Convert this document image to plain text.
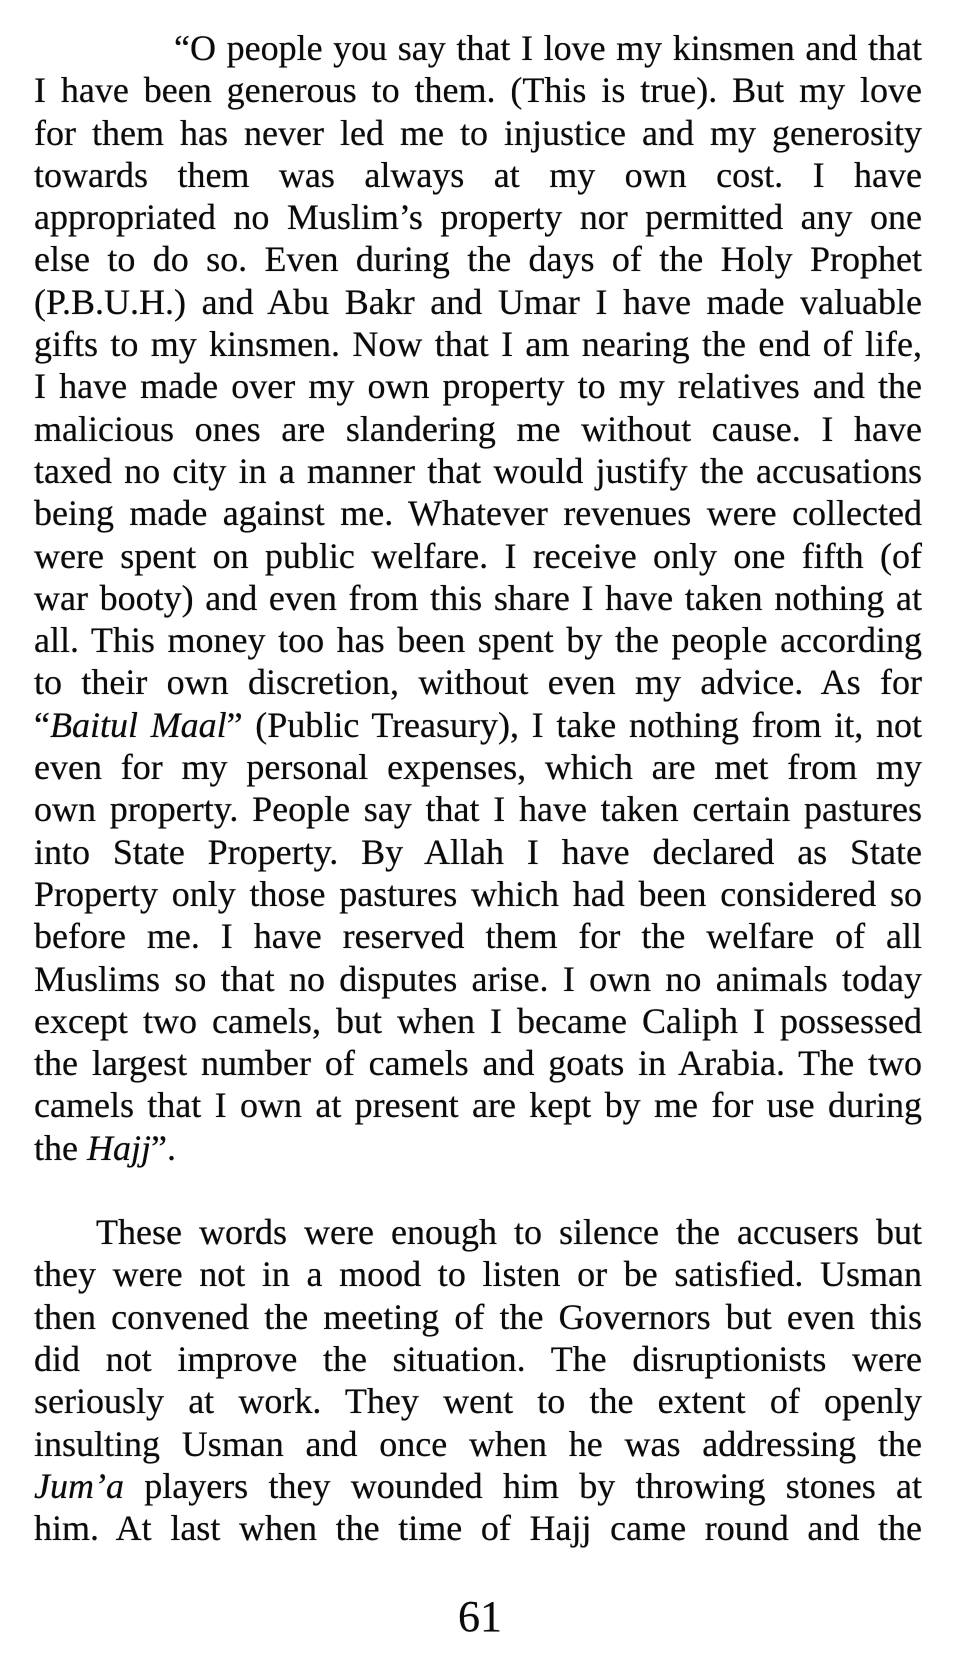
“O people you say that I love my kinsmen and that
I have been generous to them. (This is true). But my love
for them has never led me to injustice and my generosity
towards them was always at my own cost. I have
appropriated no Muslim’s property nor permitted any one
else to do so. Even during the days of the Holy Prophet
(P.B.U.H.) and Abu Bakr and Umar I have made valuable
gifts to my kinsmen. Now that I am nearing the end of life,
I have made over my own property to my relatives and the
malicious ones are slandering me without cause. I have
taxed no city in a manner that would justify the accusations
being made against me. Whatever revenues were collected
were spent on public welfare. I receive only one fifth (of
war booty) and even from this share I have taken nothing at
all. This money too has been spent by the people according
to their own discretion, without even my advice. As for
“Baitul Maal” (Public Treasury), I take nothing from it, not
even for my personal expenses, which are met from my
own property. People say that I have taken certain pastures
into State Property. By Allah I have declared as State
Property only those pastures which had been considered so
before me. I have reserved them for the welfare of all
Muslims so that no disputes arise. I own no animals today
except two camels, but when I became Caliph I possessed
the largest number of camels and goats in Arabia. The two
camels that I own at present are kept by me for use during
the Hajj”.
These words were enough to silence the accusers but
they were not in a mood to listen or be satisfied. Usman
then convened the meeting of the Governors but even this
did not improve the situation. The disruptionists were
seriously at work. They went to the extent of openly
insulting Usman and once when he was addressing the
Jum’a players they wounded him by throwing stones at
him. At last when the time of Hajj came round and the
61
